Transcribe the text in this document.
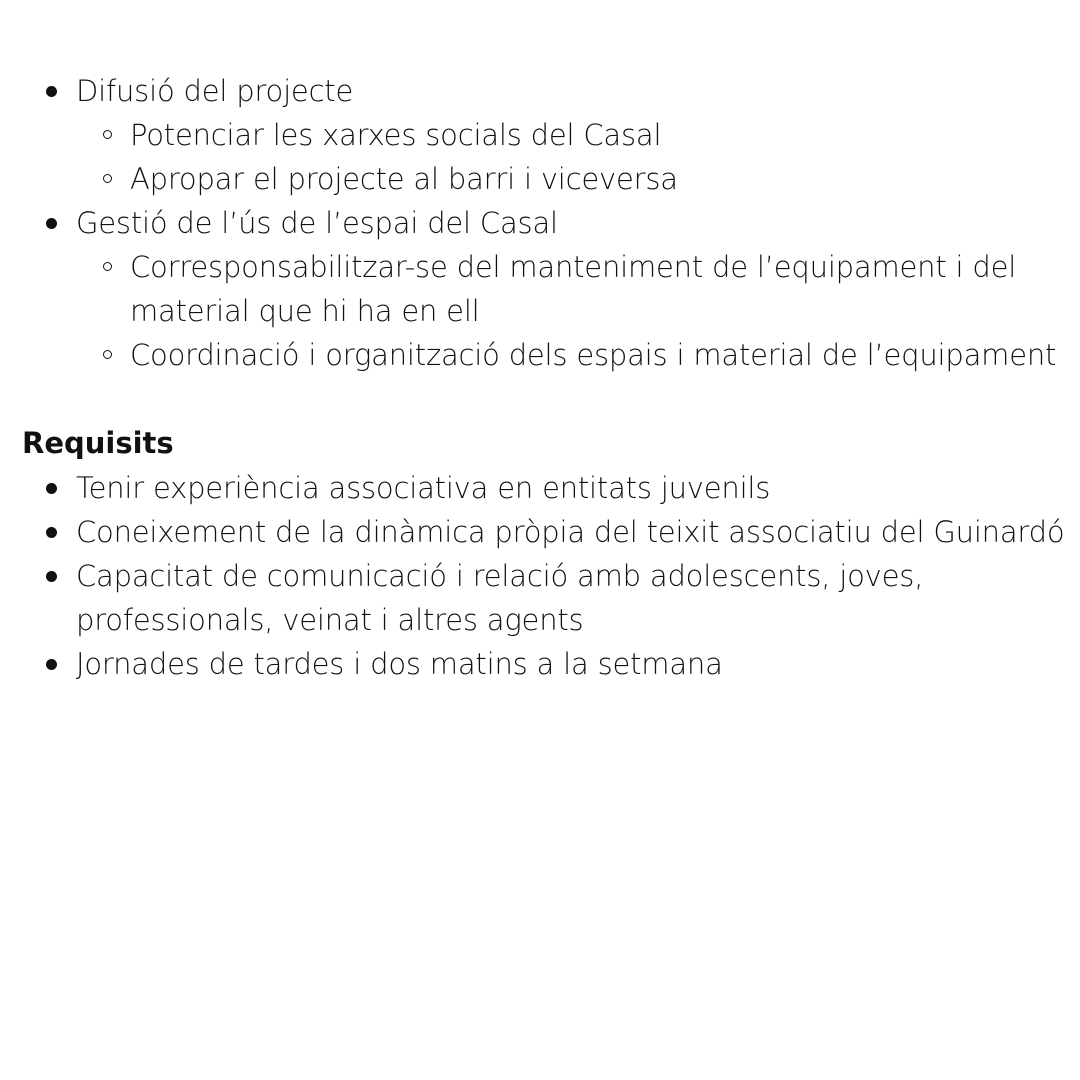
Difusió del projecte
Potenciar les xarxes socials del Casal
Apropar el projecte al barri i viceversa
Gestió de l’ús de l’espai del Casal
Corresponsabilitzar-se del manteniment de l’equipament i del
material que hi ha en ell
Coordinació i organització dels espais i material de l’equipament
Requisits
Tenir experiència associativa en entitats juvenils
Coneixement de la dinàmica pròpia del teixit associatiu del Guinardó
Capacitat de comunicació i relació amb adolescents, joves,
professionals, veinat i altres agents
Jornades de tardes i dos matins a la setmana
